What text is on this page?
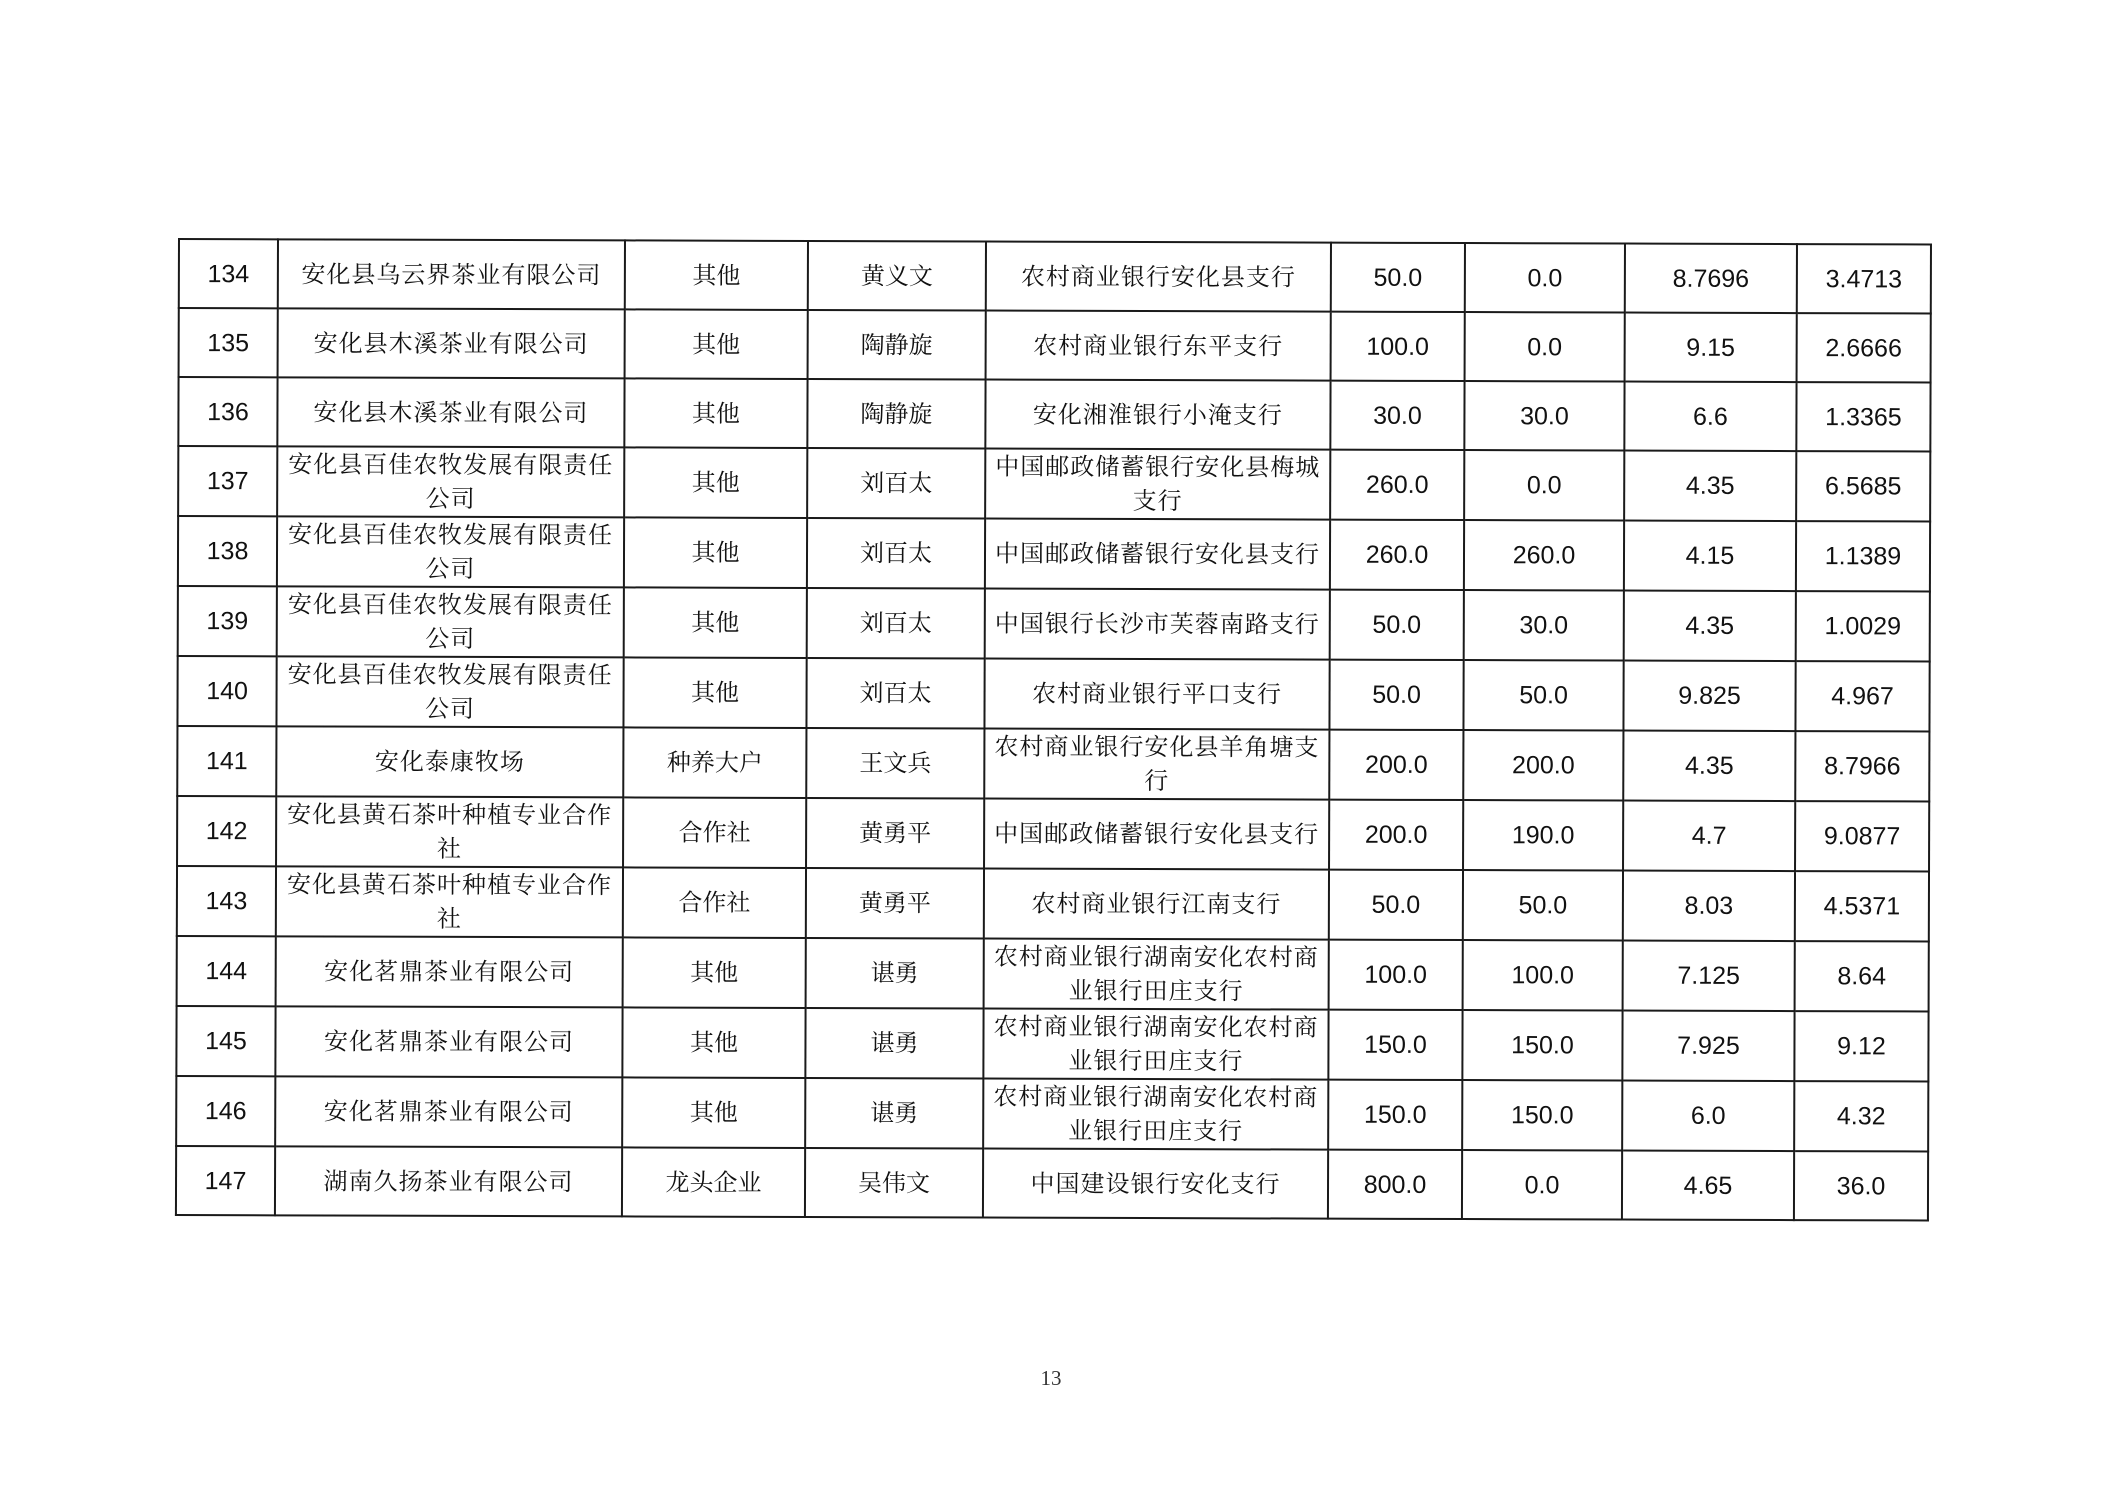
134	安化县乌云界茶业有限公司	其他	黄义文	农村商业银行安化县支行	50.0	0.0	8.7696	3.4713
135	安化县木溪茶业有限公司	其他	陶静旋	农村商业银行东平支行	100.0	0.0	9.15	2.6666
136	安化县木溪茶业有限公司	其他	陶静旋	安化湘淮银行小淹支行	30.0	30.0	6.6	1.3365
137	安化县百佳农牧发展有限责任公司	其他	刘百太	中国邮政储蓄银行安化县梅城支行	260.0	0.0	4.35	6.5685
138	安化县百佳农牧发展有限责任公司	其他	刘百太	中国邮政储蓄银行安化县支行	260.0	260.0	4.15	1.1389
139	安化县百佳农牧发展有限责任公司	其他	刘百太	中国银行长沙市芙蓉南路支行	50.0	30.0	4.35	1.0029
140	安化县百佳农牧发展有限责任公司	其他	刘百太	农村商业银行平口支行	50.0	50.0	9.825	4.967
141	安化泰康牧场	种养大户	王文兵	农村商业银行安化县羊角塘支行	200.0	200.0	4.35	8.7966
142	安化县黄石茶叶种植专业合作社	合作社	黄勇平	中国邮政储蓄银行安化县支行	200.0	190.0	4.7	9.0877
143	安化县黄石茶叶种植专业合作社	合作社	黄勇平	农村商业银行江南支行	50.0	50.0	8.03	4.5371
144	安化茗鼎茶业有限公司	其他	谌勇	农村商业银行湖南安化农村商业银行田庄支行	100.0	100.0	7.125	8.64
145	安化茗鼎茶业有限公司	其他	谌勇	农村商业银行湖南安化农村商业银行田庄支行	150.0	150.0	7.925	9.12
146	安化茗鼎茶业有限公司	其他	谌勇	农村商业银行湖南安化农村商业银行田庄支行	150.0	150.0	6.0	4.32
147	湖南久扬茶业有限公司	龙头企业	吴伟文	中国建设银行安化支行	800.0	0.0	4.65	36.0
13
